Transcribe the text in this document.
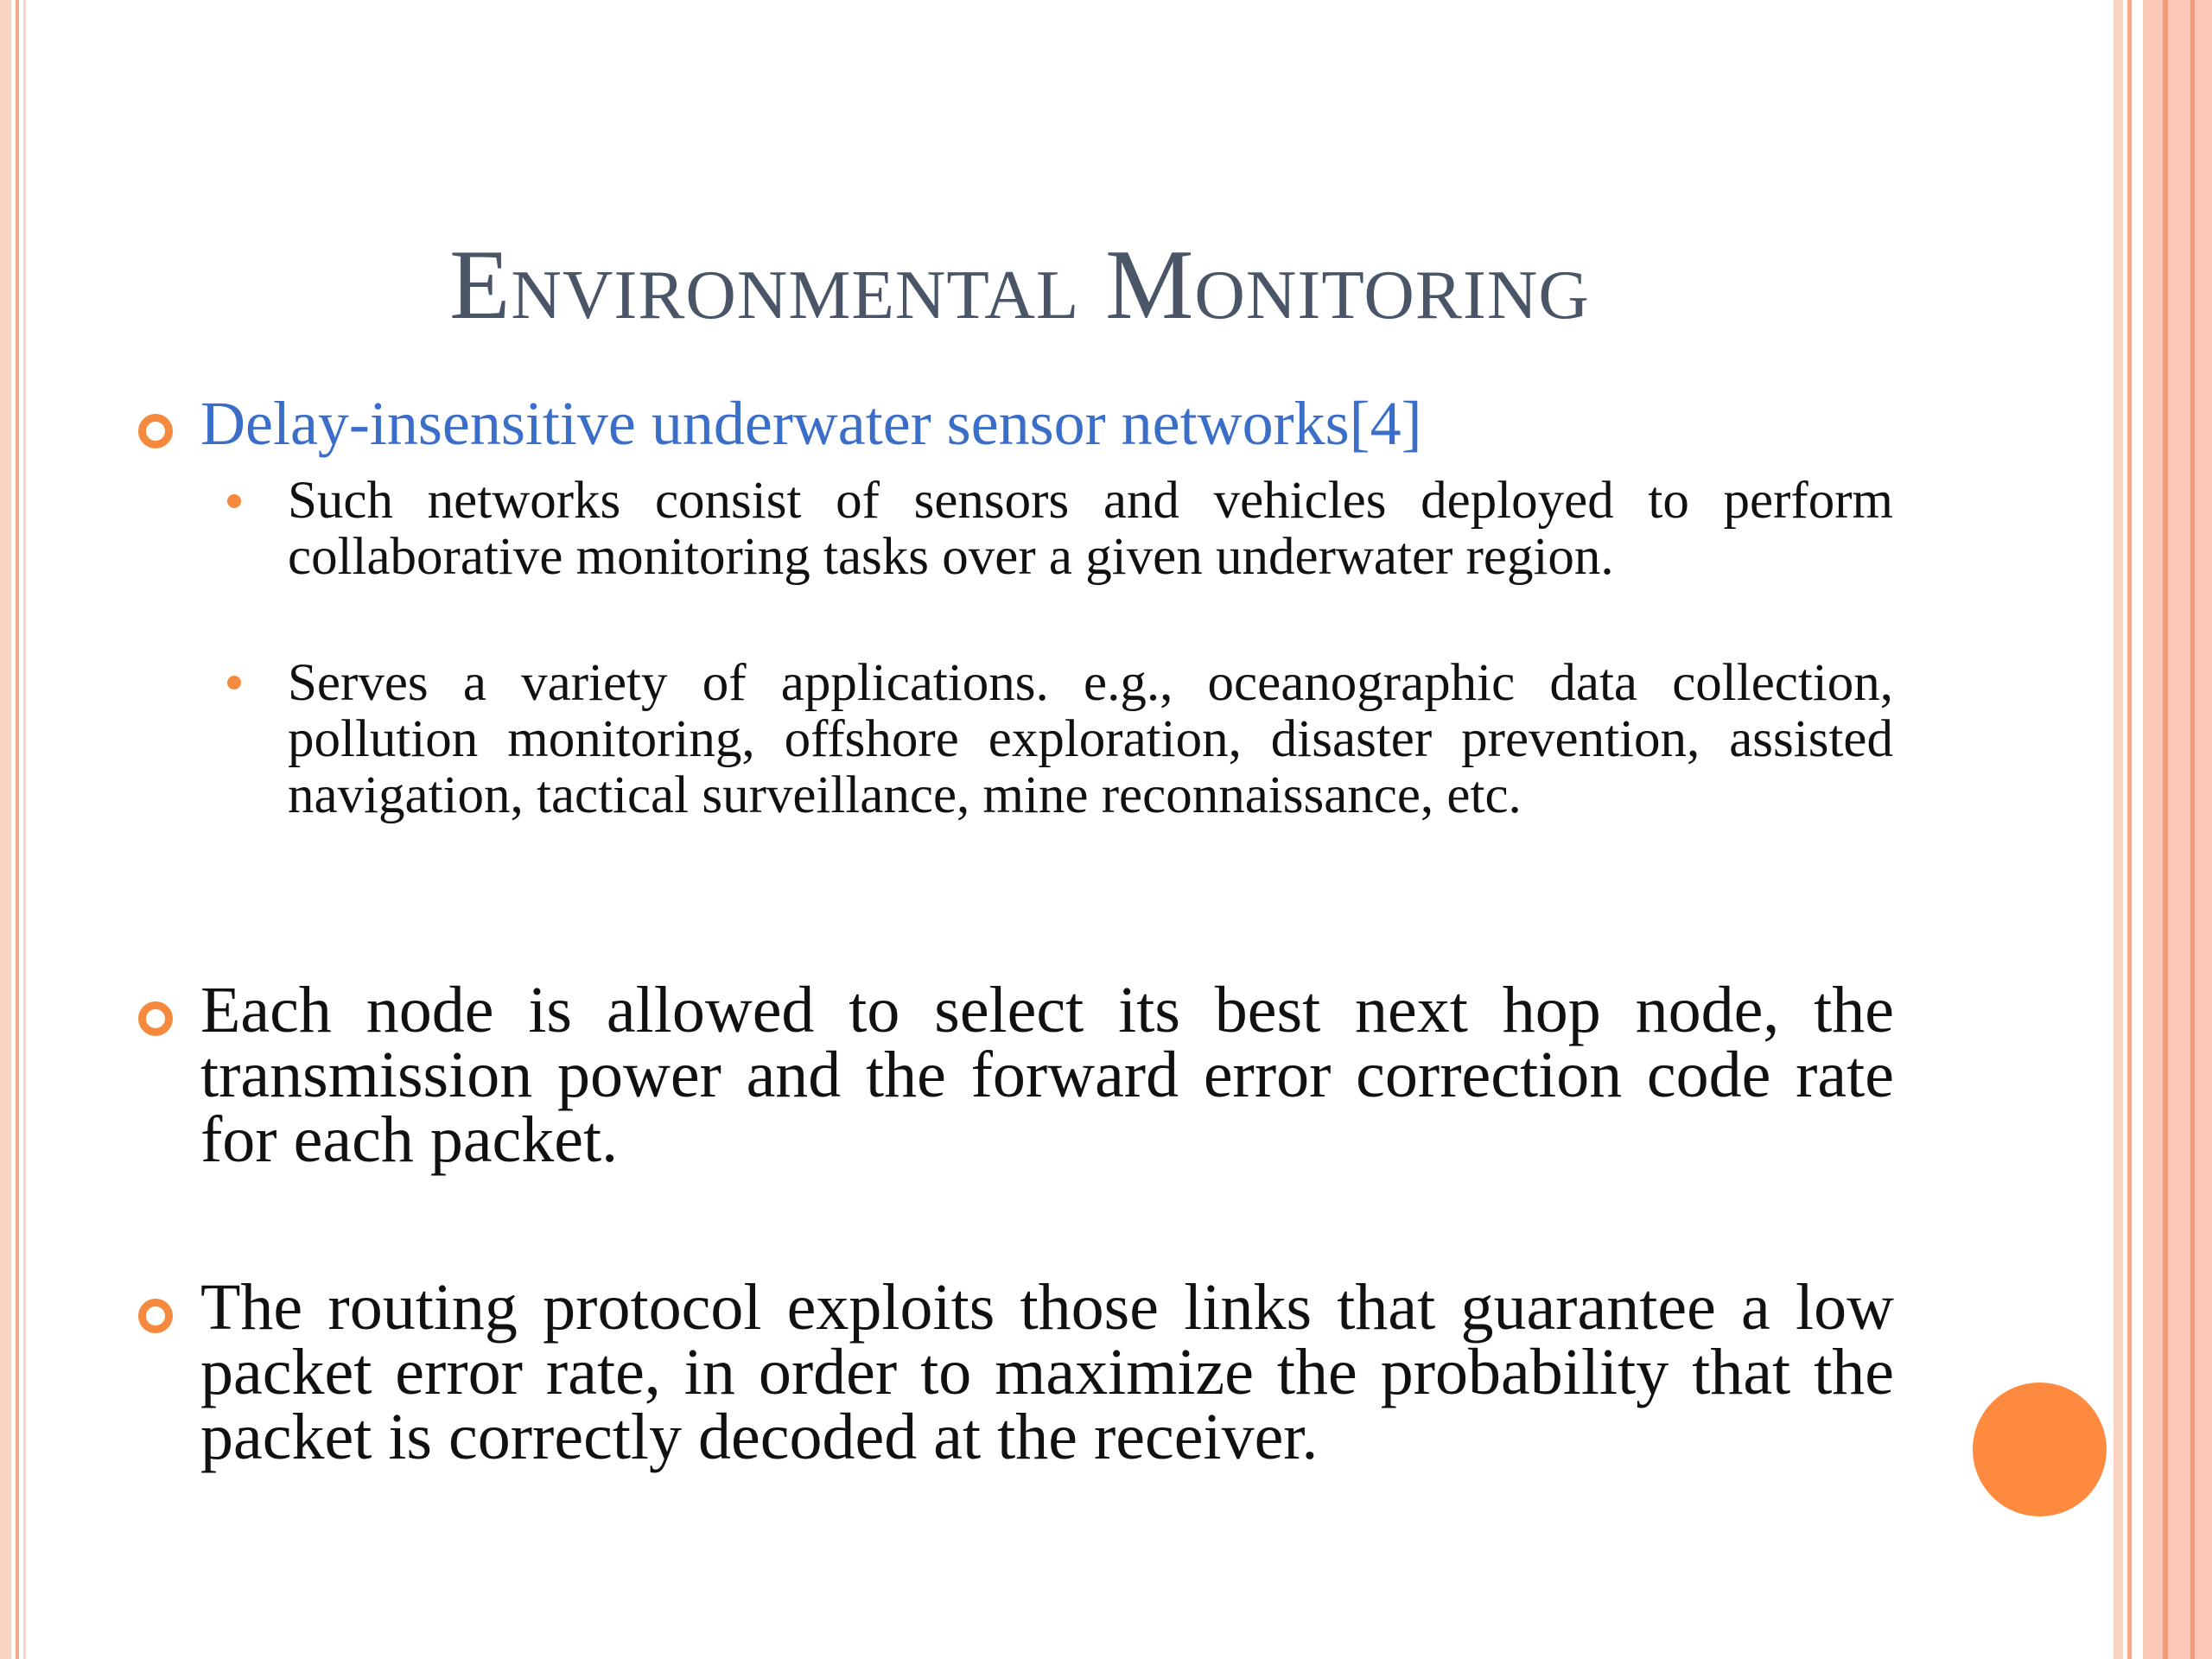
Environmental Monitoring
Delay-insensitive underwater sensor networks[4]
Such networks consist of sensors and vehicles deployed to perform collaborative monitoring tasks over a given underwater region.
Serves a variety of applications. e.g., oceanographic data collection, pollution monitoring, offshore exploration, disaster prevention, assisted navigation, tactical surveillance, mine reconnaissance, etc.
Each node is allowed to select its best next hop node, the transmission power and the forward error correction code rate for each packet.
The routing protocol exploits those links that guarantee a low packet error rate, in order to maximize the probability that the packet is correctly decoded at the receiver.
